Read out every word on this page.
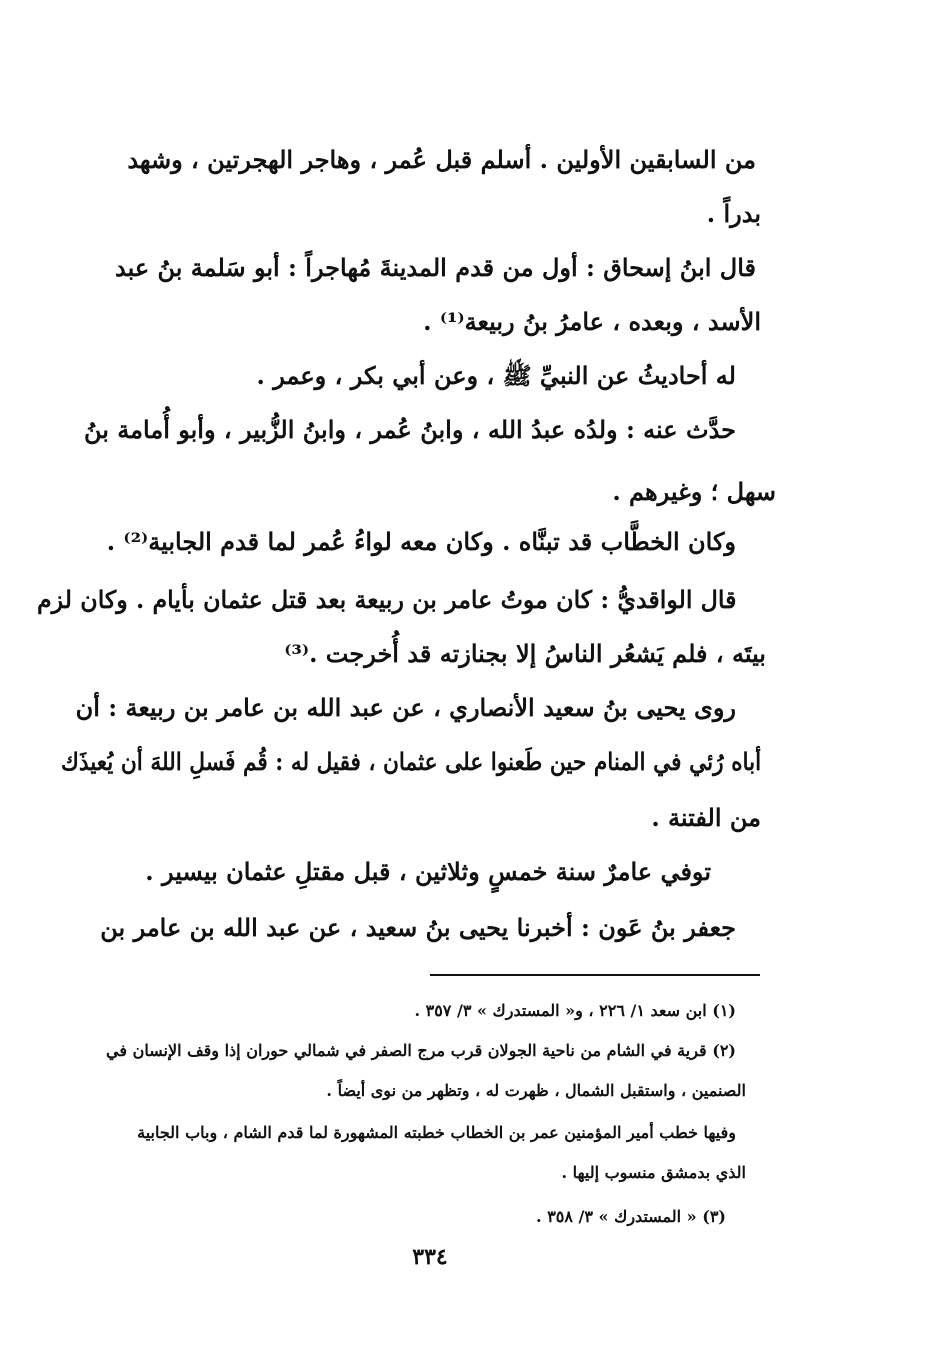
من السابقين الأولين . أسلم قبل عُمر ، وهاجر الهجرتين ، وشهد
بدراً .
قال ابنُ إسحاق : أول من قدم المدينةَ مُهاجراً : أبو سَلمة بنُ عبد
الأسد ، وبعده ، عامرُ بنُ ربيعة⁽¹⁾ .
له أحاديثُ عن النبيِّ ﷺ ، وعن أبي بكر ، وعمر .
حدَّث عنه : ولدُه عبدُ الله ، وابنُ عُمر ، وابنُ الزُّبير ، وأبو أُمامة بنُ
سهل ؛ وغيرهم .
وكان الخطَّاب قد تبنَّاه . وكان معه لواءُ عُمر لما قدم الجابية⁽²⁾ .
قال الواقديُّ : كان موتُ عامر بن ربيعة بعد قتل عثمان بأيام . وكان لزم
بيتَه ، فلم يَشعُر الناسُ إلا بجنازته قد أُخرجت .⁽³⁾
روى يحيى بنُ سعيد الأنصاري ، عن عبد الله بن عامر بن ربيعة : أن
أباه رُئي في المنام حين طَعنوا على عثمان ، فقيل له : قُم فَسلِ اللهَ أن يُعيذَك
من الفتنة .
توفي عامرٌ سنة خمسٍ وثلاثين ، قبل مقتلِ عثمان بيسير .
جعفر بنُ عَون : أخبرنا يحيى بنُ سعيد ، عن عبد الله بن عامر بن
(١) ابن سعد ١/ ٢٢٦ ، و« المستدرك » ٣/ ٣٥٧ .
(٢) قرية في الشام من ناحية الجولان قرب مرج الصفر في شمالي حوران إذا وقف الإنسان في
الصنمين ، واستقبل الشمال ، ظهرت له ، وتظهر من نوى أيضاً .
وفيها خطب أمير المؤمنين عمر بن الخطاب خطبته المشهورة لما قدم الشام ، وباب الجابية
الذي بدمشق منسوب إليها .
(٣) « المستدرك » ٣/ ٣٥٨ .
٣٣٤
